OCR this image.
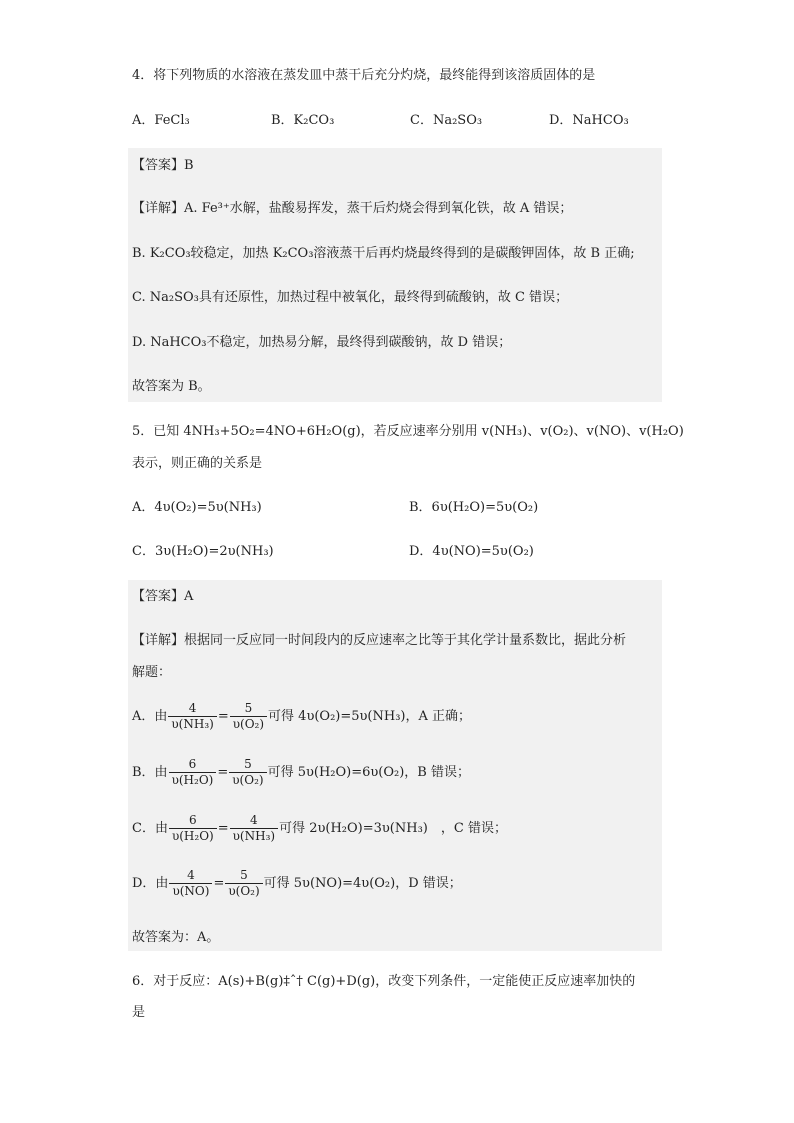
4．将下列物质的水溶液在蒸发皿中蒸干后充分灼烧，最终能得到该溶质固体的是
A．FeCl₃	B．K₂CO₃	C．Na₂SO₃	D．NaHCO₃
【答案】B
【详解】A. Fe³⁺水解，盐酸易挥发，蒸干后灼烧会得到氧化铁，故 A 错误；
B. K₂CO₃较稳定，加热 K₂CO₃溶液蒸干后再灼烧最终得到的是碳酸钾固体，故 B 正确;
C. Na₂SO₃具有还原性，加热过程中被氧化，最终得到硫酸钠，故 C 错误；
D. NaHCO₃不稳定，加热易分解，最终得到碳酸钠，故 D 错误；
故答案为 B。
5．已知 4NH₃+5O₂=4NO+6H₂O(g)，若反应速率分别用 v(NH₃)、v(O₂)、v(NO)、v(H₂O)
表示，则正确的关系是
A．4υ(O₂)=5υ(NH₃)	B．6υ(H₂O)=5υ(O₂)
C．3υ(H₂O)=2υ(NH₃)	D．4υ(NO)=5υ(O₂)
【答案】A
【详解】根据同一反应同一时间段内的反应速率之比等于其化学计量系数比，据此分析
解题：
A．由 $\frac{4}{\text{υ(NH₃)}} = \frac{5}{\text{υ(O₂)}}$ 可得 4υ(O₂)=5υ(NH₃)，A 正确；
B．由 $\frac{6}{\text{υ(H₂O)}} = \frac{5}{\text{υ(O₂)}}$ 可得 5υ(H₂O)=6υ(O₂)，B 错误；
C．由 $\frac{6}{\text{υ(H₂O)}} = \frac{4}{\text{υ(NH₃)}}$ 可得 2υ(H₂O)=3υ(NH₃)　，C 错误；
D．由 $\frac{4}{\upsilon(NO)} = \frac{5}{\text{υ(O₂)}}$ 可得 5υ(NO)=4υ(O₂)，D 错误；
故答案为：A。
6．对于反应：A(s)+B(g)‡ˆ† C(g)+D(g)，改变下列条件，一定能使正反应速率加快的
是
